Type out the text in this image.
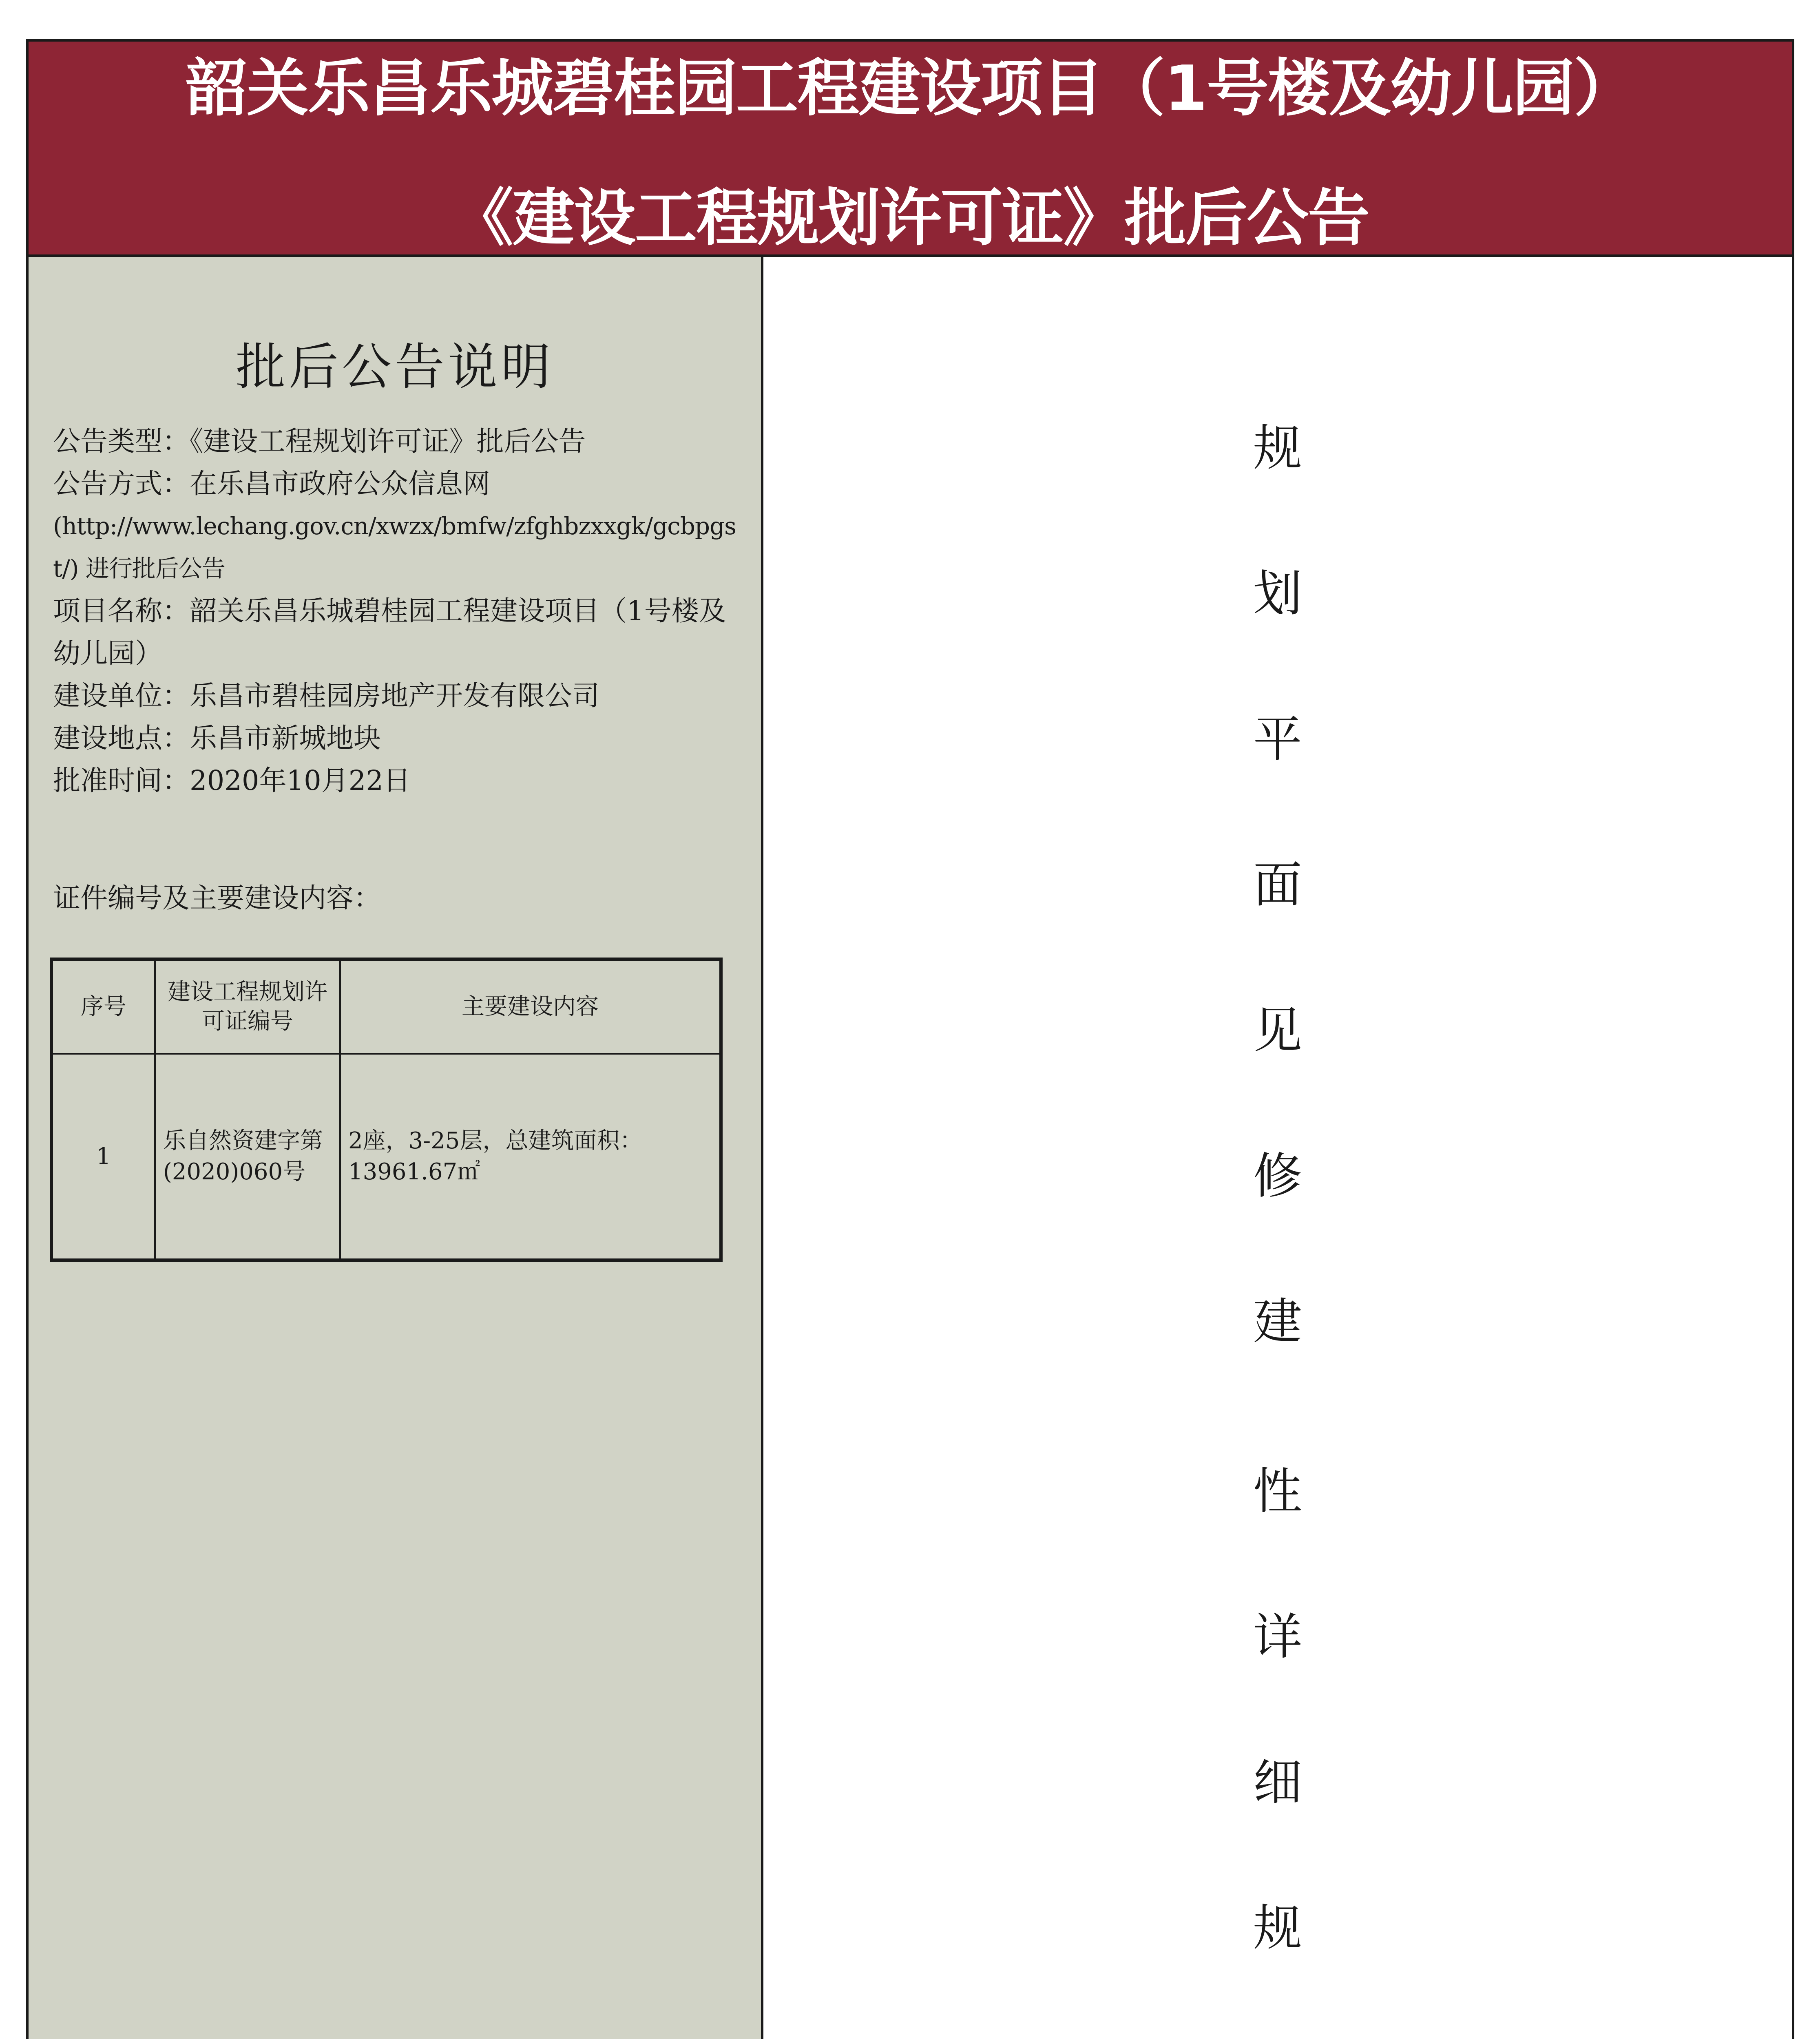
韶关乐昌乐城碧桂园工程建设项目（1号楼及幼儿园）
《建设工程规划许可证》批后公告
批后公告说明
公告类型：《建设工程规划许可证》批后公告
公告方式：在乐昌市政府公众信息网
(http://www.lechang.gov.cn/xwzx/bmfw/zfghbzxxgk/gcbpgst/) 进行批后公告
项目名称：韶关乐昌乐城碧桂园工程建设项目（1号楼及幼儿园）
建设单位：乐昌市碧桂园房地产开发有限公司
建设地点：乐昌市新城地块
批准时间：2020年10月22日
证件编号及主要建设内容：
序号	建设工程规划许可证编号	主要建设内容
1	乐自然资建字第(2020)060号	2座，3-25层，总建筑面积：13961.67㎡
规
划
平
面
见
修
建
性
详
细
规
